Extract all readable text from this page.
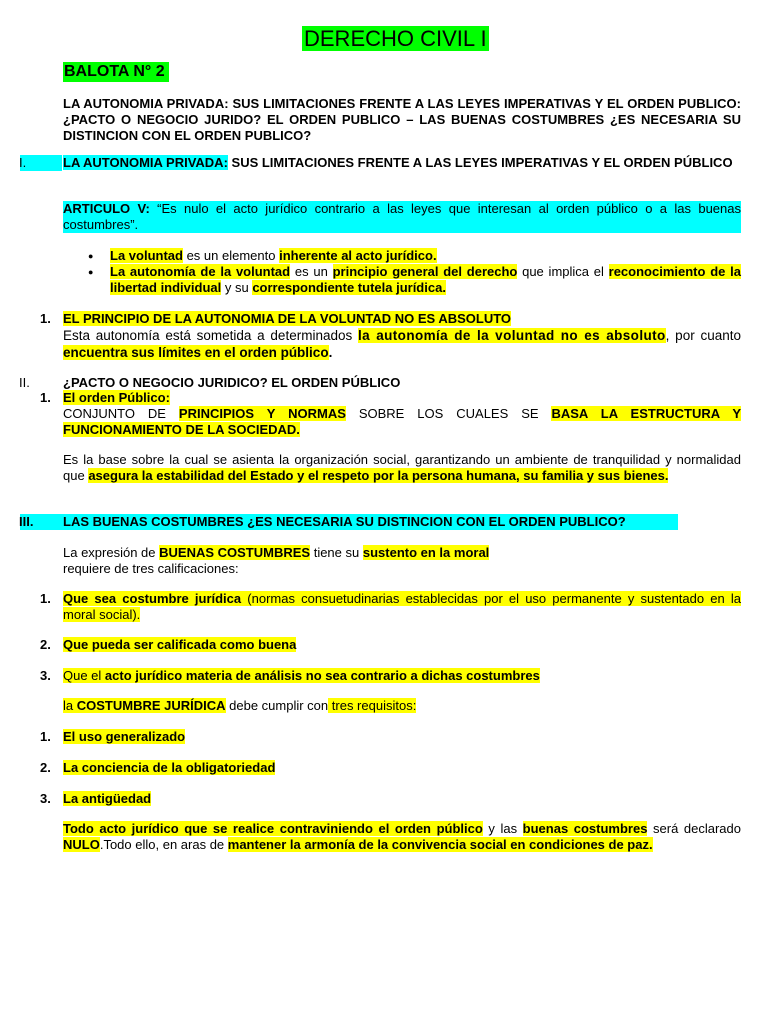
DERECHO CIVIL I
BALOTA N° 2
LA AUTONOMIA PRIVADA: SUS LIMITACIONES FRENTE A LAS LEYES IMPERATIVAS Y EL ORDEN PUBLICO: ¿PACTO O NEGOCIO JURIDO? EL ORDEN PUBLICO – LAS BUENAS COSTUMBRES ¿ES NECESARIA SU DISTINCION CON EL ORDEN PUBLICO?
I.	LA AUTONOMIA PRIVADA: SUS LIMITACIONES FRENTE A LAS LEYES IMPERATIVAS Y EL ORDEN PÚBLICO
ARTICULO V: “Es nulo el acto jurídico contrario a las leyes que interesan al orden público o a las buenas costumbres”.
● La voluntad es un elemento inherente al acto jurídico.
● La autonomía de la voluntad es un principio general del derecho que implica el reconocimiento de la libertad individual y su correspondiente tutela jurídica.
1. EL PRINCIPIO DE LA AUTONOMIA DE LA VOLUNTAD NO ES ABSOLUTO
Esta autonomía está sometida a determinados la autonomía de la voluntad no es absoluto, por cuanto encuentra sus límites en el orden público.
II.	¿PACTO O NEGOCIO JURIDICO? EL ORDEN PÚBLICO
1. El orden Público:
CONJUNTO DE PRINCIPIOS Y NORMAS SOBRE LOS CUALES SE BASA LA ESTRUCTURA Y FUNCIONAMIENTO DE LA SOCIEDAD.
Es la base sobre la cual se asienta la organización social, garantizando un ambiente de tranquilidad y normalidad que asegura la estabilidad del Estado y el respeto por la persona humana, su familia y sus bienes.
III. LAS BUENAS COSTUMBRES ¿ES NECESARIA SU DISTINCION CON EL ORDEN PUBLICO?
La expresión de BUENAS COSTUMBRES tiene su sustento en la moral
requiere de tres calificaciones:
1. Que sea costumbre jurídica (normas consuetudinarias establecidas por el uso permanente y sustentado en la moral social).
2. Que pueda ser calificada como buena
3. Que el acto jurídico materia de análisis no sea contrario a dichas costumbres
la COSTUMBRE JURÍDICA debe cumplir con tres requisitos:
1. El uso generalizado
2. La conciencia de la obligatoriedad
3. La antigüedad
Todo acto jurídico que se realice contraviniendo el orden público y las buenas costumbres será declarado NULO.Todo ello, en aras de mantener la armonía de la convivencia social en condiciones de paz.
